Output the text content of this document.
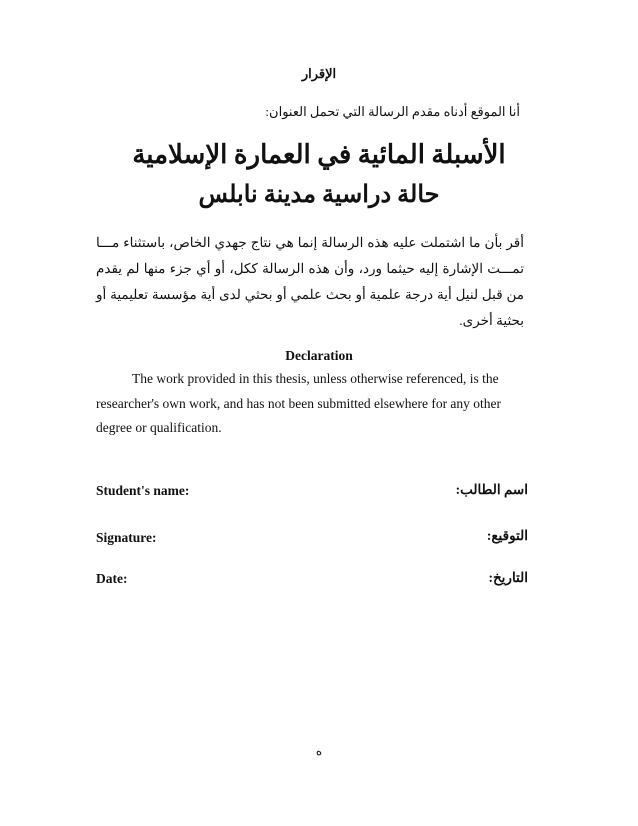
الإقرار
أنا الموقع أدناه مقدم الرسالة التي تحمل العنوان:
الأسبلة المائية في العمارة الإسلامية
حالة دراسية مدينة نابلس
أقر بأن ما اشتملت عليه هذه الرسالة إنما هي نتاج جهدي الخاص، باستثناء مـــا تمـــت الإشارة إليه حيثما ورد، وأن هذه الرسالة ككل، أو أي جزء منها لم يقدم من قبل لنيل أية درجة علمية أو بحث علمي أو بحثي لدى أية مؤسسة تعليمية أو بحثية أخرى.
Declaration
The work provided in this thesis, unless otherwise referenced, is the
researcher's own work, and has not been submitted elsewhere for any other
degree or qualification.
Student's name:	اسم الطالب:
Signature:	التوقيع:
Date:	التاريخ:
ه
